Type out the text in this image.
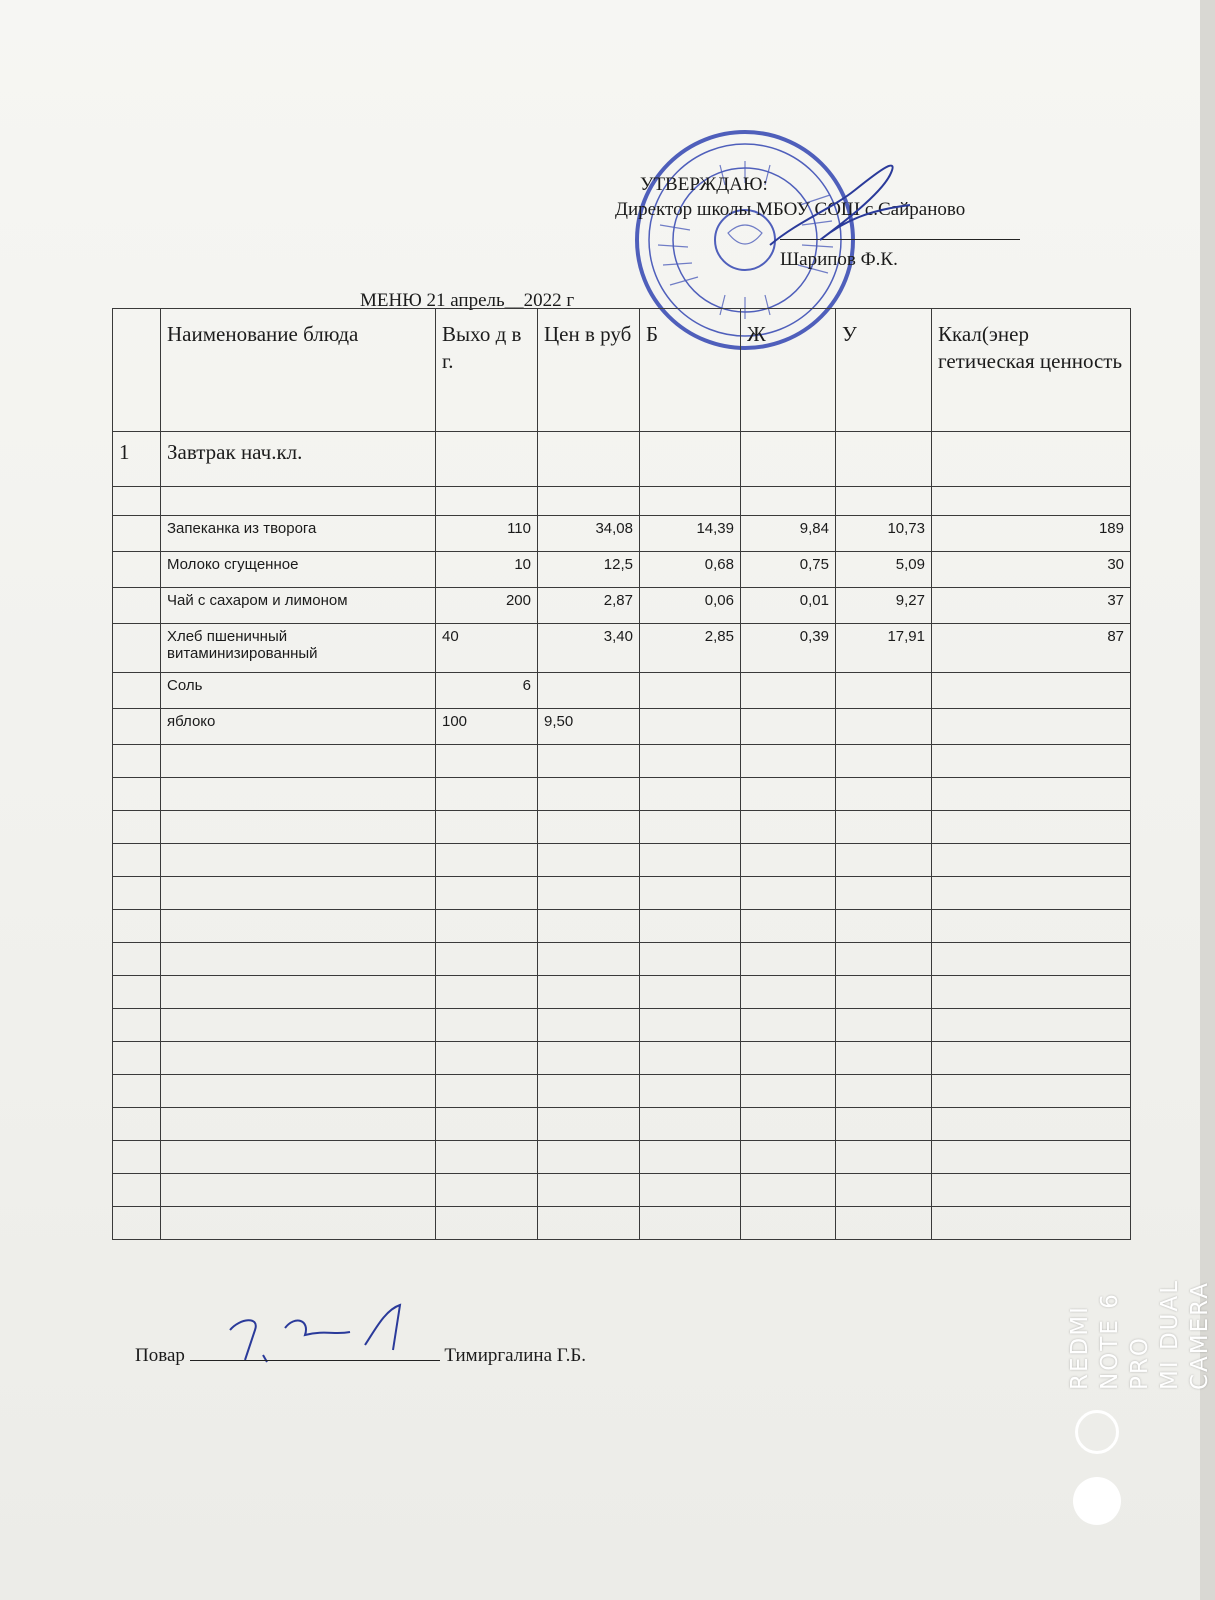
УТВЕРЖДАЮ:
Директор школы МБОУ СОШ с.Сайраново
Шарипов Ф.К.
МЕНЮ 21 апрель__2022 г
	Наименование блюда	Выхо д в г.	Цен в руб	Б	Ж	У	Ккал(энер гетическая ценность
1	Завтрак нач.кл.						

	Запеканка из творога	110	34,08	14,39	9,84	10,73	189
	Молоко сгущенное	10	12,5	0,68	0,75	5,09	30
	Чай с сахаром и лимоном	200	2,87	0,06	0,01	9,27	37
	Хлеб пшеничный витаминизированный	40	3,40	2,85	0,39	17,91	87
	Соль	6					
	яблоко	100	9,50				

Повар	Тимиргалина Г.Б.	REDMI NOTE 6 PRO MI DUAL CAMERA
